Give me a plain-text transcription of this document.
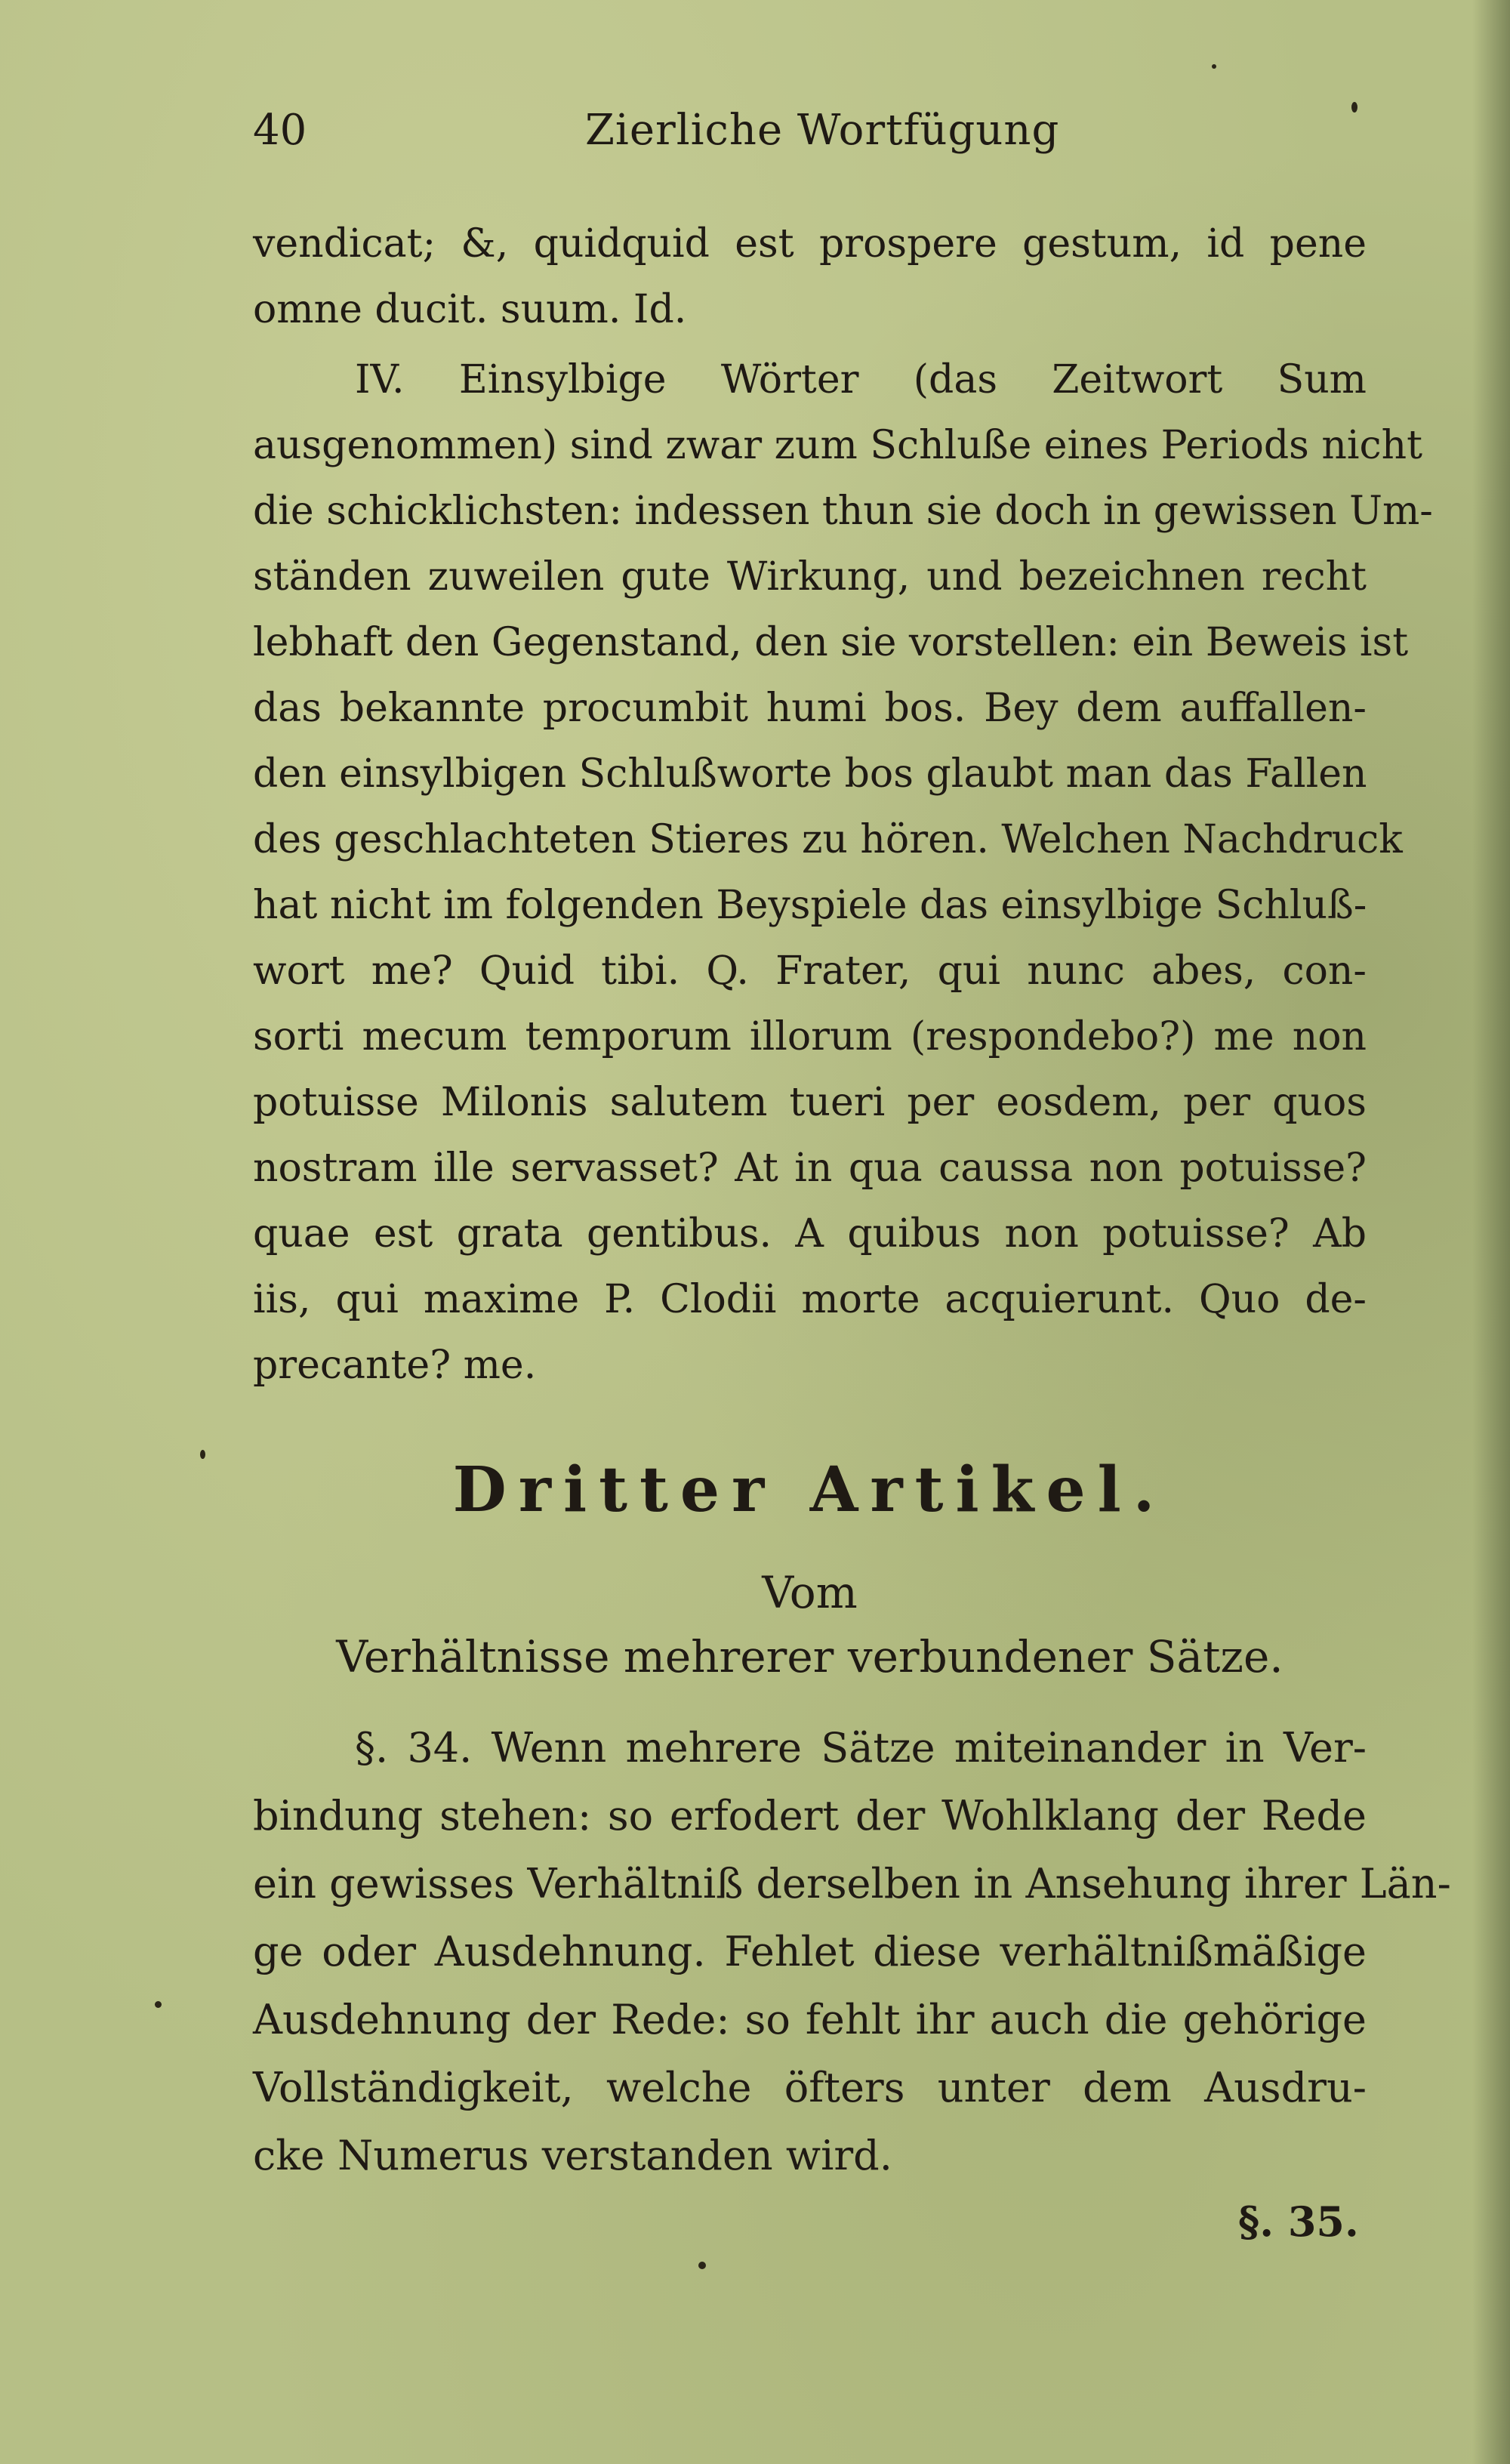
40	Zierliche Wortfügung
vendicat; &, quidquid est prospere gestum, id pene
omne ducit. suum. Id.
IV. Einsylbige Wörter (das Zeitwort Sum
ausgenommen) sind zwar zum Schluße eines Periods nicht
die schicklichsten: indessen thun sie doch in gewissen Um-
ständen zuweilen gute Wirkung, und bezeichnen recht
lebhaft den Gegenstand, den sie vorstellen: ein Beweis ist
das bekannte procumbit humi bos. Bey dem auffallen-
den einsylbigen Schlußworte bos glaubt man das Fallen
des geschlachteten Stieres zu hören. Welchen Nachdruck
hat nicht im folgenden Beyspiele das einsylbige Schluß-
wort me? Quid tibi. Q. Frater, qui nunc abes, con-
sorti mecum temporum illorum (respondebo?) me non
potuisse Milonis salutem tueri per eosdem, per quos
nostram ille servasset? At in qua caussa non potuisse?
quae est grata gentibus. A quibus non potuisse? Ab
iis, qui maxime P. Clodii morte acquierunt. Quo de-
precante? me.
Dritter Artikel.
Vom
Verhältnisse mehrerer verbundener Sätze.
§. 34. Wenn mehrere Sätze miteinander in Ver-
bindung stehen: so erfodert der Wohlklang der Rede
ein gewisses Verhältniß derselben in Ansehung ihrer Län-
ge oder Ausdehnung. Fehlet diese verhältnißmäßige
Ausdehnung der Rede: so fehlt ihr auch die gehörige
Vollständigkeit, welche öfters unter dem Ausdru-
cke Numerus verstanden wird.
§. 35.
